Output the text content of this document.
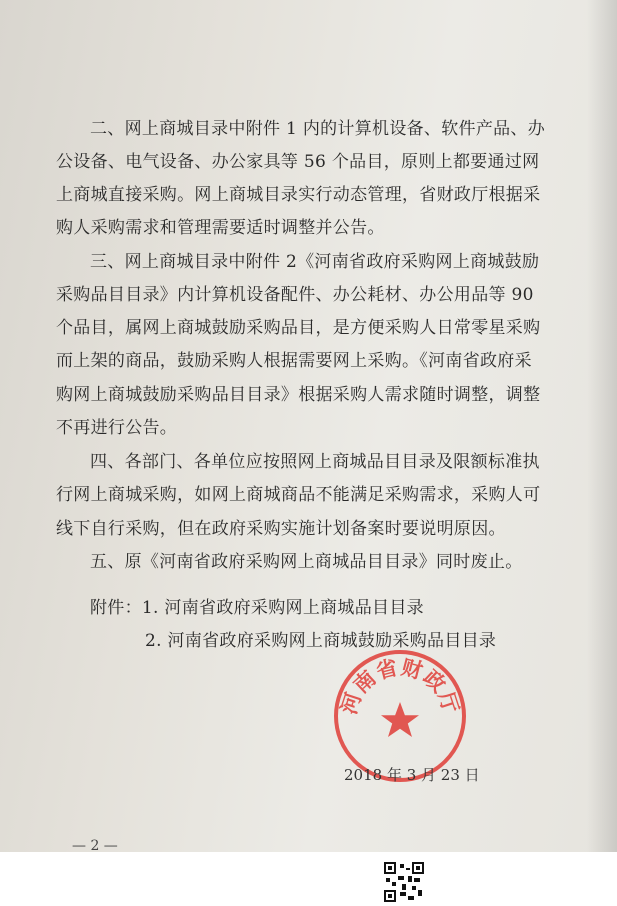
二、网上商城目录中附件 1 内的计算机设备、软件产品、办
公设备、电气设备、办公家具等 56 个品目，原则上都要通过网
上商城直接采购。网上商城目录实行动态管理，省财政厅根据采
购人采购需求和管理需要适时调整并公告。
三、网上商城目录中附件 2《河南省政府采购网上商城鼓励
采购品目目录》内计算机设备配件、办公耗材、办公用品等 90
个品目，属网上商城鼓励采购品目，是方便采购人日常零星采购
而上架的商品，鼓励采购人根据需要网上采购。《河南省政府采
购网上商城鼓励采购品目目录》根据采购人需求随时调整，调整
不再进行公告。
四、各部门、各单位应按照网上商城品目目录及限额标准执
行网上商城采购，如网上商城商品不能满足采购需求，采购人可
线下自行采购，但在政府采购实施计划备案时要说明原因。
五、原《河南省政府采购网上商城品目目录》同时废止。
附件：1. 河南省政府采购网上商城品目目录
2. 河南省政府采购网上商城鼓励采购品目目录
河南省财政厅
2018 年 3 月 23 日
— 2 —
